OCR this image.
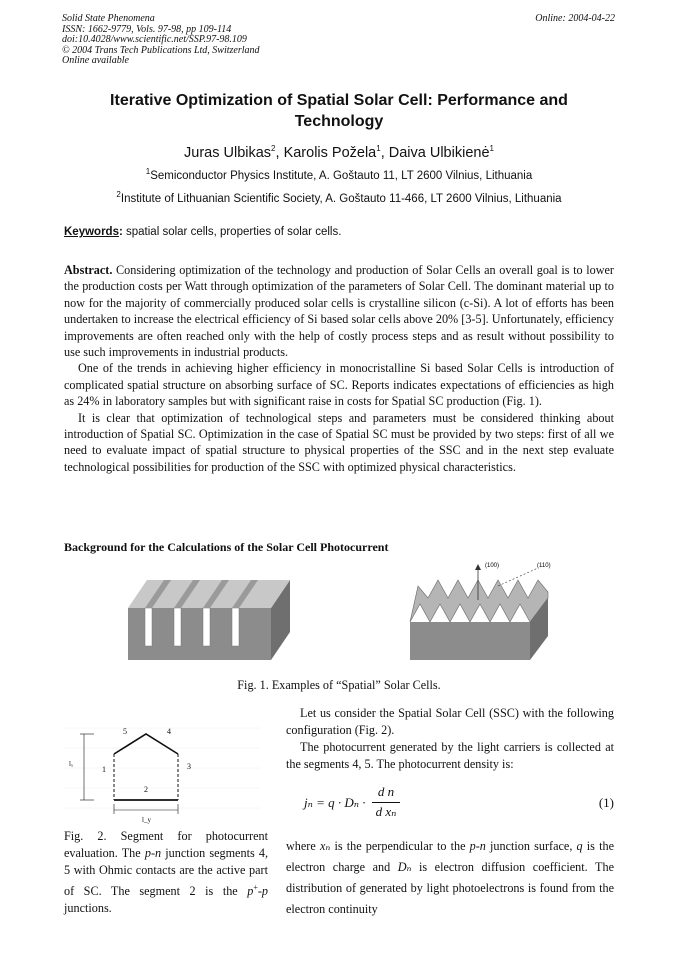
Solid State Phenomena
ISSN: 1662-9779, Vols. 97-98, pp 109-114
doi:10.4028/www.scientific.net/SSP.97-98.109
© 2004 Trans Tech Publications Ltd, Switzerland
Online available
Online: 2004-04-22
Iterative Optimization of Spatial Solar Cell: Performance and Technology
Juras Ulbikas$^2$, Karolis Požela$^1$, Daiva Ulbikienė$^1$
$^1$Semiconductor Physics Institute, A. Goštauto 11, LT 2600 Vilnius, Lithuania
$^2$Institute of Lithuanian Scientific Society, A. Goštauto 11-466, LT 2600 Vilnius, Lithuania
Keywords: spatial solar cells, properties of solar cells.

Abstract. Considering optimization of the technology and production of Solar Cells an overall goal is to lower the production costs per Watt through optimization of the parameters of Solar Cell. The dominant material up to now for the majority of commercially produced solar cells is crystalline silicon (c-Si). A lot of efforts has been undertaken to increase the electrical efficiency of Si based solar cells above 20% [3-5]. Unfortunately, efficiency improvements are often reached only with the help of costly process steps and as result without possibility to use such improvements in industrial products.

One of the trends in achieving higher efficiency in monocristalline Si based Solar Cells is introduction of complicated spatial structure on absorbing surface of SC. Reports indicates expectations of efficiencies as high as 24% in laboratory samples but with significant raise in costs for Spatial SC production (Fig. 1).

It is clear that optimization of technological steps and parameters must be considered thinking about introduction of Spatial SC. Optimization in the case of Spatial SC must be provided by two steps: first of all we need to evaluate impact of spatial structure to physical properties of the SSC and in the next step evaluate technological possibilities for production of the SSC with optimized physical characteristics.

Background for the Calculations of the Solar Cell Photocurrent
(100)	(110)
Fig. 1. Examples of “Spatial” Solar Cells.
5	4
1	3
2
lₓ
l_y
Fig. 2. Segment for photocurrent evaluation. The p-n junction segments 4, 5 with Ohmic contacts are the active part of SC. The segment 2 is the p+-p junctions.

Let us consider the Spatial Solar Cell (SSC) with the following configuration (Fig. 2).

The photocurrent generated by the light carriers is collected at the segments 4, 5. The photocurrent density is:

jₙ = q · Dₙ ·
d n
d xₙ
(1)
where xₙ is the perpendicular to the p-n junction surface, q is the electron charge and Dₙ is electron diffusion coefficient. The distribution of generated by light photoelectrons is found from the electron continuity
